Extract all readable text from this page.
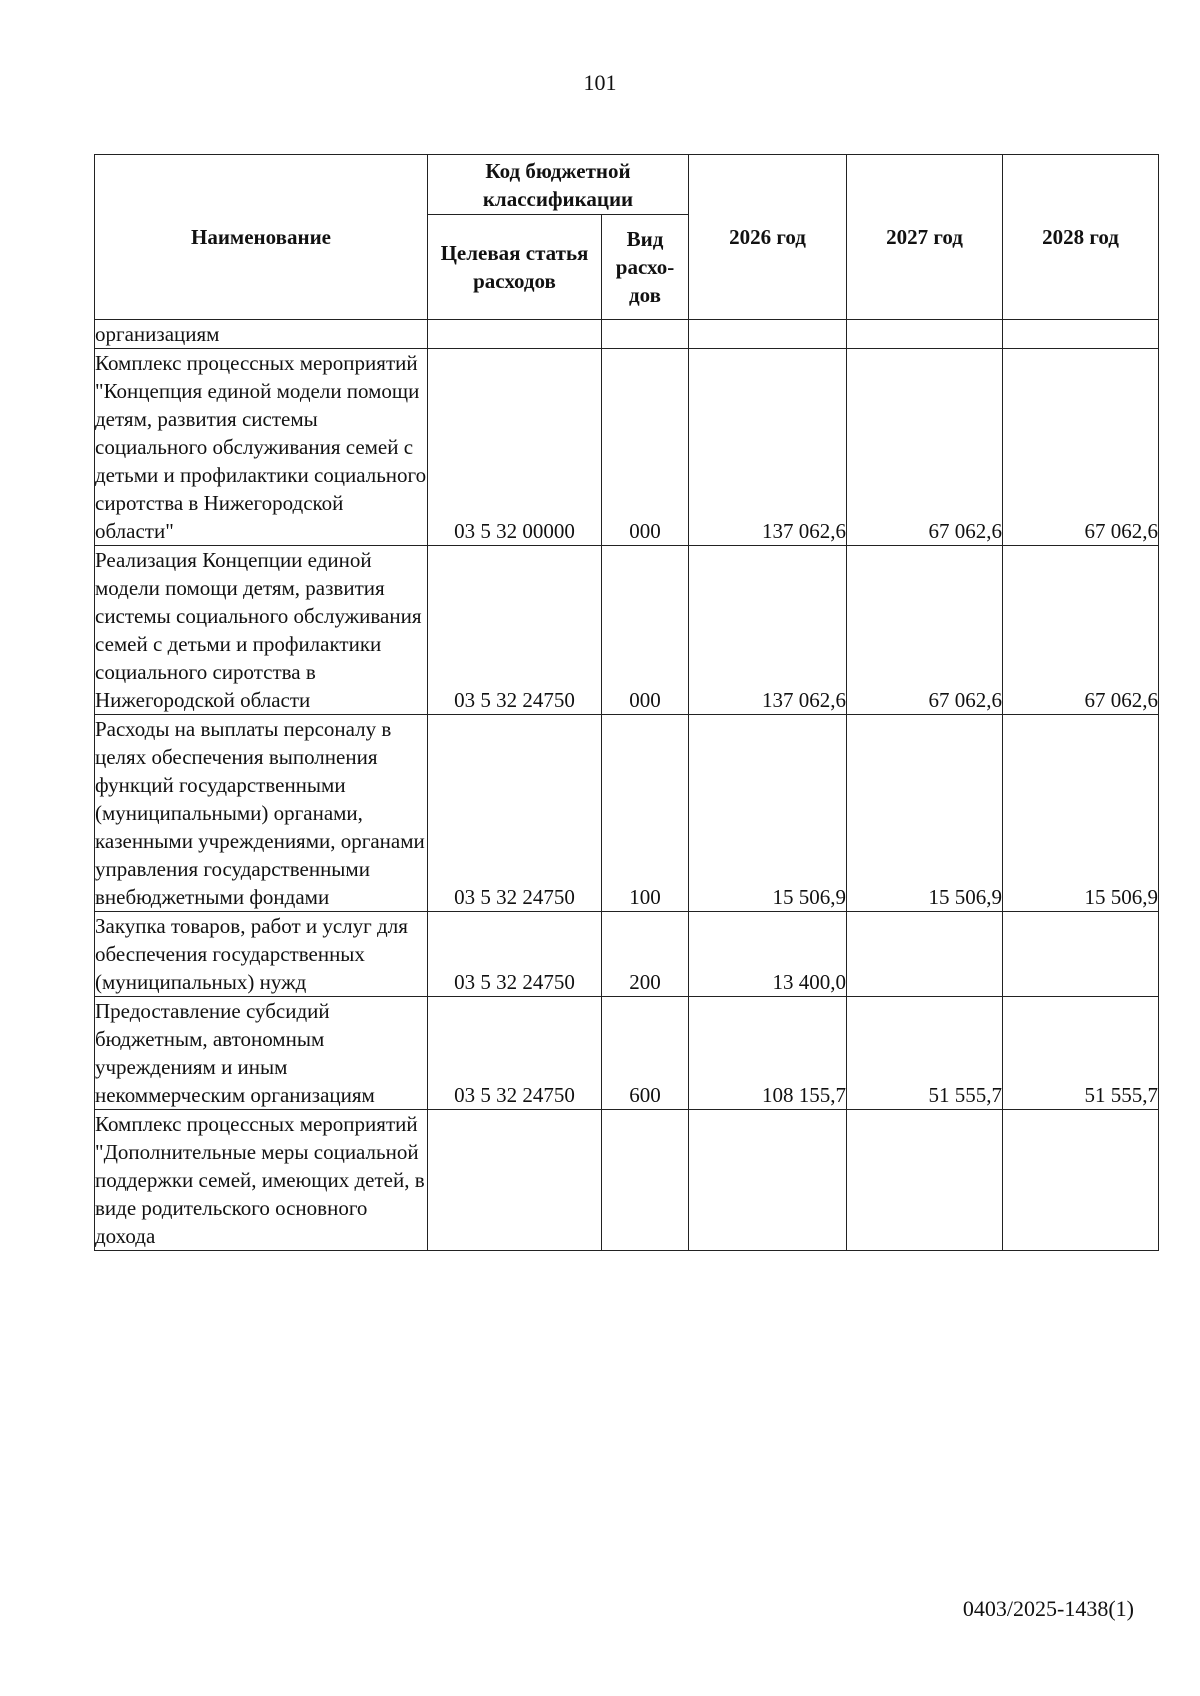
101
Наименование	Код бюджетной классификации		2026 год	2027 год	2028 год
	Целевая статья расходов	Вид расхо-дов			
организациям					
Комплекс процессных мероприятий "Концепция единой модели помощи детям, развития системы социального обслуживания семей с детьми и профилактики социального сиротства в Нижегородской области"	03 5 32 00000	000	137 062,6	67 062,6	67 062,6
Реализация Концепции единой модели помощи детям, развития системы социального обслуживания семей с детьми и профилактики социального сиротства в Нижегородской области	03 5 32 24750	000	137 062,6	67 062,6	67 062,6
Расходы на выплаты персоналу в целях обеспечения выполнения функций государственными (муниципальными) органами, казенными учреждениями, органами управления государственными внебюджетными фондами	03 5 32 24750	100	15 506,9	15 506,9	15 506,9
Закупка товаров, работ и услуг для обеспечения государственных (муниципальных) нужд	03 5 32 24750	200	13 400,0		
Предоставление субсидий бюджетным, автономным учреждениям и иным некоммерческим организациям	03 5 32 24750	600	108 155,7	51 555,7	51 555,7
Комплекс процессных мероприятий "Дополнительные меры социальной поддержки семей, имеющих детей, в виде родительского основного дохода					
0403/2025-1438(1)
